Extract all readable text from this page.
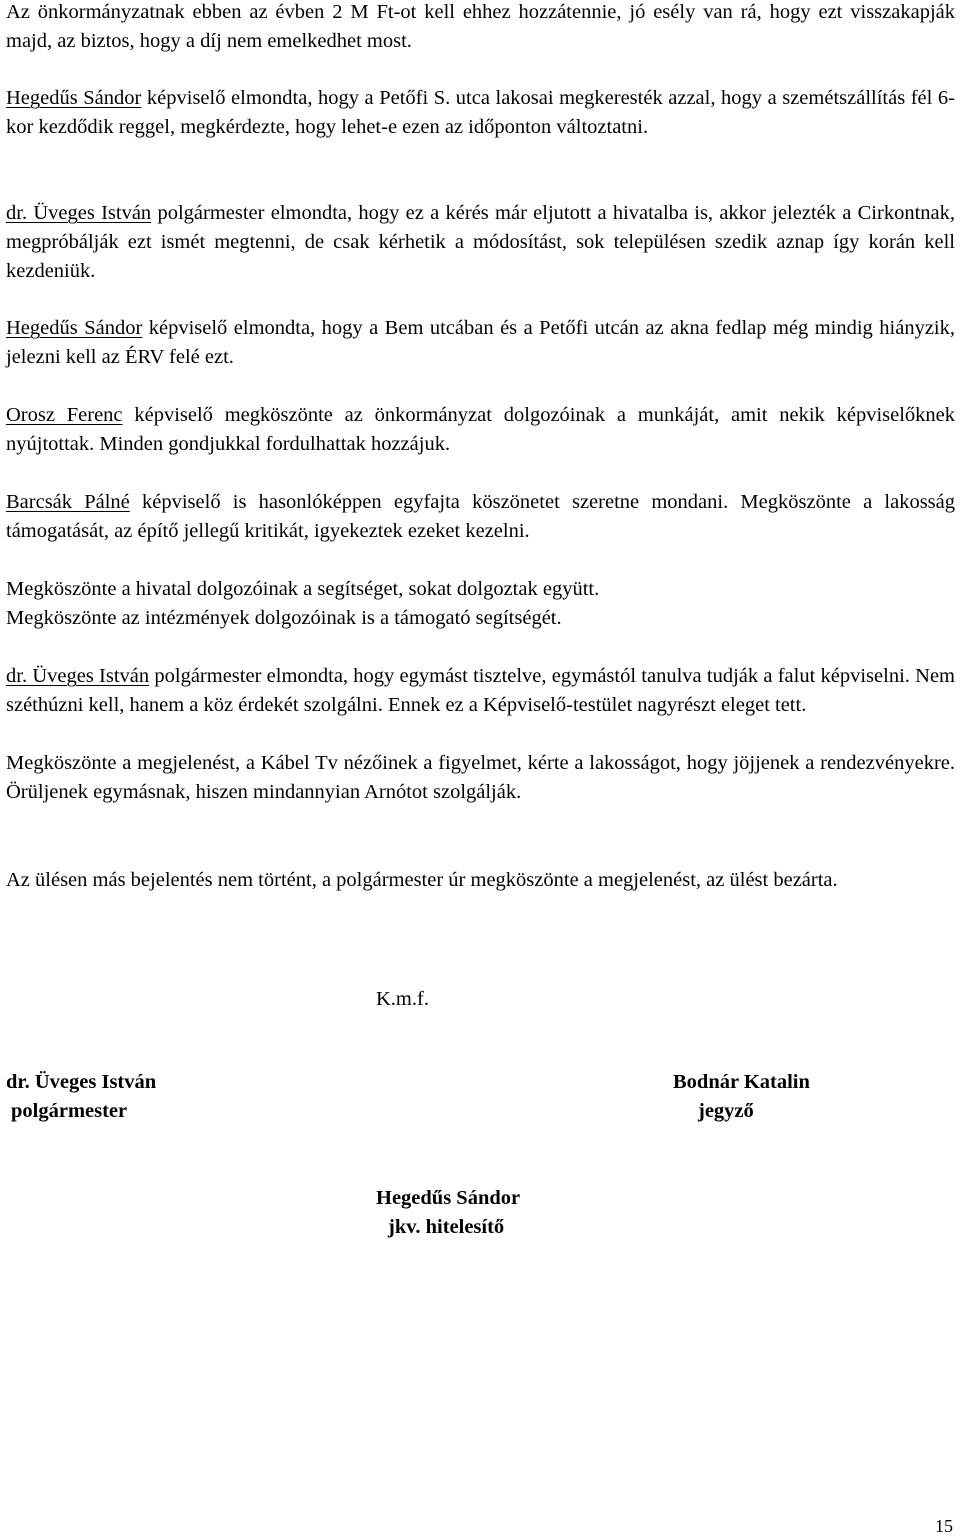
Az önkormányzatnak ebben az évben 2 M Ft-ot kell ehhez hozzátennie, jó esély van rá, hogy ezt visszakapják majd, az biztos, hogy a díj nem emelkedhet most.

Hegedűs Sándor képviselő elmondta, hogy a Petőfi S. utca lakosai megkeresték azzal, hogy a szemétszállítás fél 6-kor kezdődik reggel, megkérdezte, hogy lehet-e ezen az időponton változtatni.

dr. Üveges István polgármester elmondta, hogy ez a kérés már eljutott a hivatalba is, akkor jelezték a Cirkontnak, megpróbálják ezt ismét megtenni, de csak kérhetik a módosítást, sok településen szedik aznap így korán kell kezdeniük.

Hegedűs Sándor képviselő elmondta, hogy a Bem utcában és a Petőfi utcán az akna fedlap még mindig hiányzik, jelezni kell az ÉRV felé ezt.

Orosz Ferenc képviselő megköszönte az önkormányzat dolgozóinak a munkáját, amit nekik képviselőknek nyújtottak. Minden gondjukkal fordulhattak hozzájuk.

Barcsák Pálné képviselő is hasonlóképpen egyfajta köszönetet szeretne mondani. Megköszönte a lakosság támogatását, az építő jellegű kritikát, igyekeztek ezeket kezelni.

Megköszönte a hivatal dolgozóinak a segítséget, sokat dolgoztak együtt.

Megköszönte az intézmények dolgozóinak is a támogató segítségét.

dr. Üveges István polgármester elmondta, hogy egymást tisztelve, egymástól tanulva tudják a falut képviselni. Nem széthúzni kell, hanem a köz érdekét szolgálni. Ennek ez a Képviselő-testület nagyrészt eleget tett.

Megköszönte a megjelenést, a Kábel Tv nézőinek a figyelmet, kérte a lakosságot, hogy jöjjenek a rendezvényekre. Örüljenek egymásnak, hiszen mindannyian Arnótot szolgálják.

Az ülésen más bejelentés nem történt, a polgármester úr megköszönte a megjelenést, az ülést bezárta.

K.m.f.
dr. Üveges István
polgármester
Bodnár Katalin
jegyző
Hegedűs Sándor
jkv. hitelesítő
15
